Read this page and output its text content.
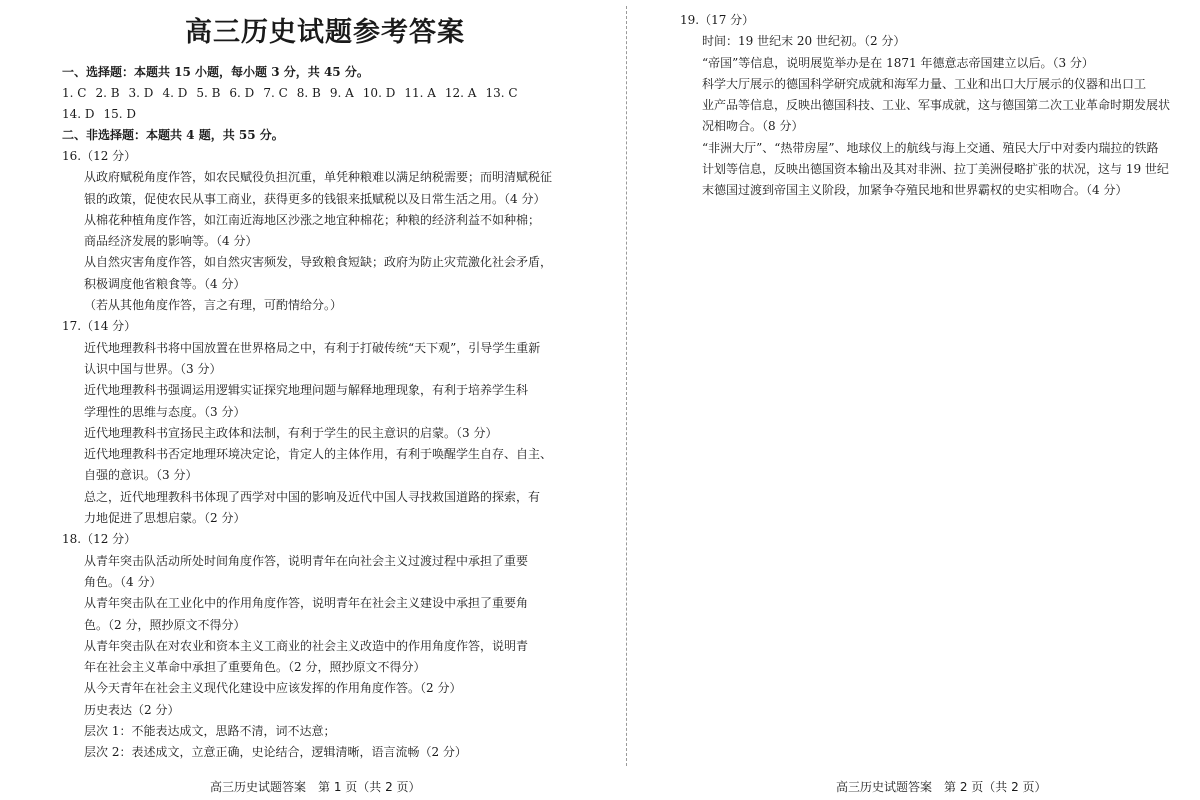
高三历史试题参考答案

一、选择题：本题共 15 小题，每小题 3 分，共 45 分。

1. C 2. B 3. D 4. D 5. B 6. D 7. C 8. B 9. A 10. D 11. A 12. A 13. C

14. D 15. D

二、非选择题：本题共 4 题，共 55 分。

16.（12 分）

从政府赋税角度作答，如农民赋役负担沉重，单凭种粮难以满足纳税需要；而明清赋税征

银的政策，促使农民从事工商业，获得更多的钱银来抵赋税以及日常生活之用。（4 分）

从棉花种植角度作答，如江南近海地区沙涨之地宜种棉花；种粮的经济利益不如种棉；

商品经济发展的影响等。（4 分）

从自然灾害角度作答，如自然灾害频发，导致粮食短缺；政府为防止灾荒激化社会矛盾，

积极调度他省粮食等。（4 分）

（若从其他角度作答，言之有理，可酌情给分。）

17.（14 分）

近代地理教科书将中国放置在世界格局之中，有利于打破传统“天下观”，引导学生重新

认识中国与世界。（3 分）

近代地理教科书强调运用逻辑实证探究地理问题与解释地理现象，有利于培养学生科

学理性的思维与态度。（3 分）

近代地理教科书宣扬民主政体和法制，有利于学生的民主意识的启蒙。（3 分）

近代地理教科书否定地理环境决定论，肯定人的主体作用，有利于唤醒学生自存、自主、

自强的意识。（3 分）

总之，近代地理教科书体现了西学对中国的影响及近代中国人寻找救国道路的探索，有

力地促进了思想启蒙。（2 分）

18.（12 分）

从青年突击队活动所处时间角度作答，说明青年在向社会主义过渡过程中承担了重要

角色。（4 分）

从青年突击队在工业化中的作用角度作答，说明青年在社会主义建设中承担了重要角

色。（2 分，照抄原文不得分）

从青年突击队在对农业和资本主义工商业的社会主义改造中的作用角度作答，说明青

年在社会主义革命中承担了重要角色。（2 分，照抄原文不得分）

从今天青年在社会主义现代化建设中应该发挥的作用角度作答。（2 分）

历史表达（2 分）

层次 1：不能表达成文，思路不清，词不达意；

层次 2：表述成文，立意正确，史论结合，逻辑清晰，语言流畅（2 分）

19.（17 分）

时间：19 世纪末 20 世纪初。（2 分）

“帝国”等信息，说明展览举办是在 1871 年德意志帝国建立以后。（3 分）

科学大厅展示的德国科学研究成就和海军力量、工业和出口大厅展示的仪器和出口工

业产品等信息，反映出德国科技、工业、军事成就，这与德国第二次工业革命时期发展状

况相吻合。（8 分）

“非洲大厅”、“热带房屋”、地球仪上的航线与海上交通、殖民大厅中对委内瑞拉的铁路

计划等信息，反映出德国资本输出及其对非洲、拉丁美洲侵略扩张的状况，这与 19 世纪

末德国过渡到帝国主义阶段，加紧争夺殖民地和世界霸权的史实相吻合。（4 分）

高三历史试题答案　第 1 页（共 2 页）	高三历史试题答案　第 2 页（共 2 页）
